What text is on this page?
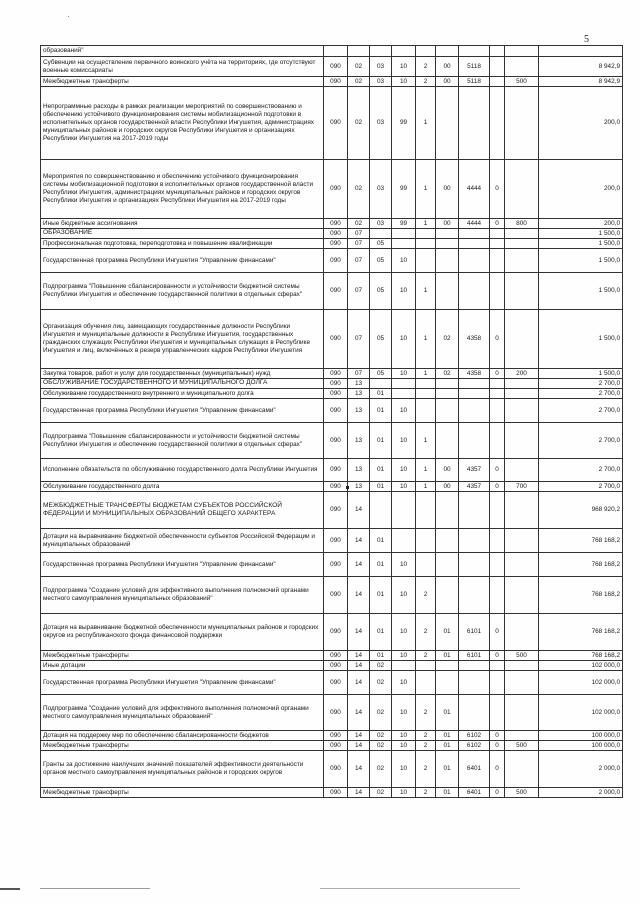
5
образований"										
Субвенции на осуществление первичного воинского учёта на территориях, где отсутствуют военные комиссариаты	090	02	03	10	2	00	5118			8 942,9
Межбюджетные трансферты	090	02	03	10	2	00	5118		500	8 942,9
Непрограммные расходы в рамках реализации мероприятий по совершенствованию и обеспечению устойчивого функционирования системы мобилизационной подготовки в исполнительных органов государственной власти Республики Ингушетия, администрациях муниципальных районов и городских округов Республики Ингушетия и организациях Республики Ингушетия на 2017-2019 годы	090	02	03	99	1					200,0
Мероприятия по совершенствованию и обеспечению устойчивого функционирования системы мобилизационной подготовки в исполнительных органов государственной власти Республики Ингушетия, администрациях муниципальных районов и городских округов Республики Ингушетия и организациях Республики Ингушетия на 2017-2019 годы	090	02	03	99	1	00	4444	0		200,0
Иные бюджетные ассигнования	090	02	03	99	1	00	4444	0	800	200,0
ОБРАЗОВАНИЕ	090	07								1 500,0
Профессиональная подготовка, переподготовка и повышение квалификации	090	07	05							1 500,0
Государственная программа Республики Ингушетия "Управление финансами"	090	07	05	10						1 500,0
Подпрограмма "Повышение сбалансированности и устойчивости бюджетной системы Республики Ингушетия и обеспечение государственной политики в отдельных сферах"	090	07	05	10	1					1 500,0
Организация обучения лиц, замещающих государственные должности Республики Ингушетия и муниципальные должности в Республике Ингушетия, государственных гражданских служащих Республики Ингушетия и муниципальных служащих в Республике Ингушетия и лиц, включённых в резерв управленческих кадров Республики Ингушетия	090	07	05	10	1	02	4358	0		1 500,0
Закупка товаров, работ и услуг для государственных (муниципальных) нужд	090	07	05	10	1	02	4358	0	200	1 500,0
ОБСЛУЖИВАНИЕ ГОСУДАРСТВЕННОГО И МУНИЦИПАЛЬНОГО ДОЛГА	090	13								2 700,0
Обслуживание государственного внутреннего и муниципального долга	090	13	01							2 700,0
Государственная программа Республики Ингушетия "Управление финансами"	090	13	01	10						2 700,0
Подпрограмма "Повышение сбалансированности и устойчивости бюджетной системы Республики Ингушетия и обеспечение государственной политики в отдельных сферах"	090	13	01	10	1					2 700,0
Исполнение обязательств по обслуживанию государственного долга Республики Ингушетия	090	13	01	10	1	00	4357	0		2 700,0
Обслуживание государственного долга	090	13	01	10	1	00	4357	0	700	2 700,0
МЕЖБЮДЖЕТНЫЕ ТРАНСФЕРТЫ БЮДЖЕТАМ СУБЪЕКТОВ РОССИЙСКОЙ ФЕДЕРАЦИИ И МУНИЦИПАЛЬНЫХ ОБРАЗОВАНИЙ ОБЩЕГО ХАРАКТЕРА	090	14								968 920,2
Дотации на выравнивание бюджетной обеспеченности субъектов Российской Федерации и муниципальных образований	090	14	01							768 168,2
Государственная программа Республики Ингушетия "Управление финансами"	090	14	01	10						768 168,2
Подпрограмма "Создание условий для эффективного выполнения полномочий органами местного самоуправления муниципальных образований"	090	14	01	10	2					768 168,2
Дотация на выравнивание бюджетной обеспеченности муниципальных районов и городских округов из республиканского фонда финансовой поддержки	090	14	01	10	2	01	6101	0		768 168,2
Межбюджетные трансферты	090	14	01	10	2	01	6101	0	500	768 168,2
Иные дотации	090	14	02							102 000,0
Государственная программа Республики Ингушетия "Управление финансами"	090	14	02	10						102 000,0
Подпрограмма "Создание условий для эффективного выполнения полномочий органами местного самоуправления муниципальных образований"	090	14	02	10	2	01				102 000,0
Дотация на поддержку мер по обеспечению сбалансированности бюджетов	090	14	02	10	2	01	6102	0		100 000,0
Межбюджетные трансферты	090	14	02	10	2	01	6102	0	500	100 000,0
Гранты за достижение наилучших значений показателей эффективности деятельности органов местного самоуправления муниципальных районов и городских округов	090	14	02	10	2	01	6401	0		2 000,0
Межбюджетные трансферты	090	14	02	10	2	01	6401	0	500	2 000,0
